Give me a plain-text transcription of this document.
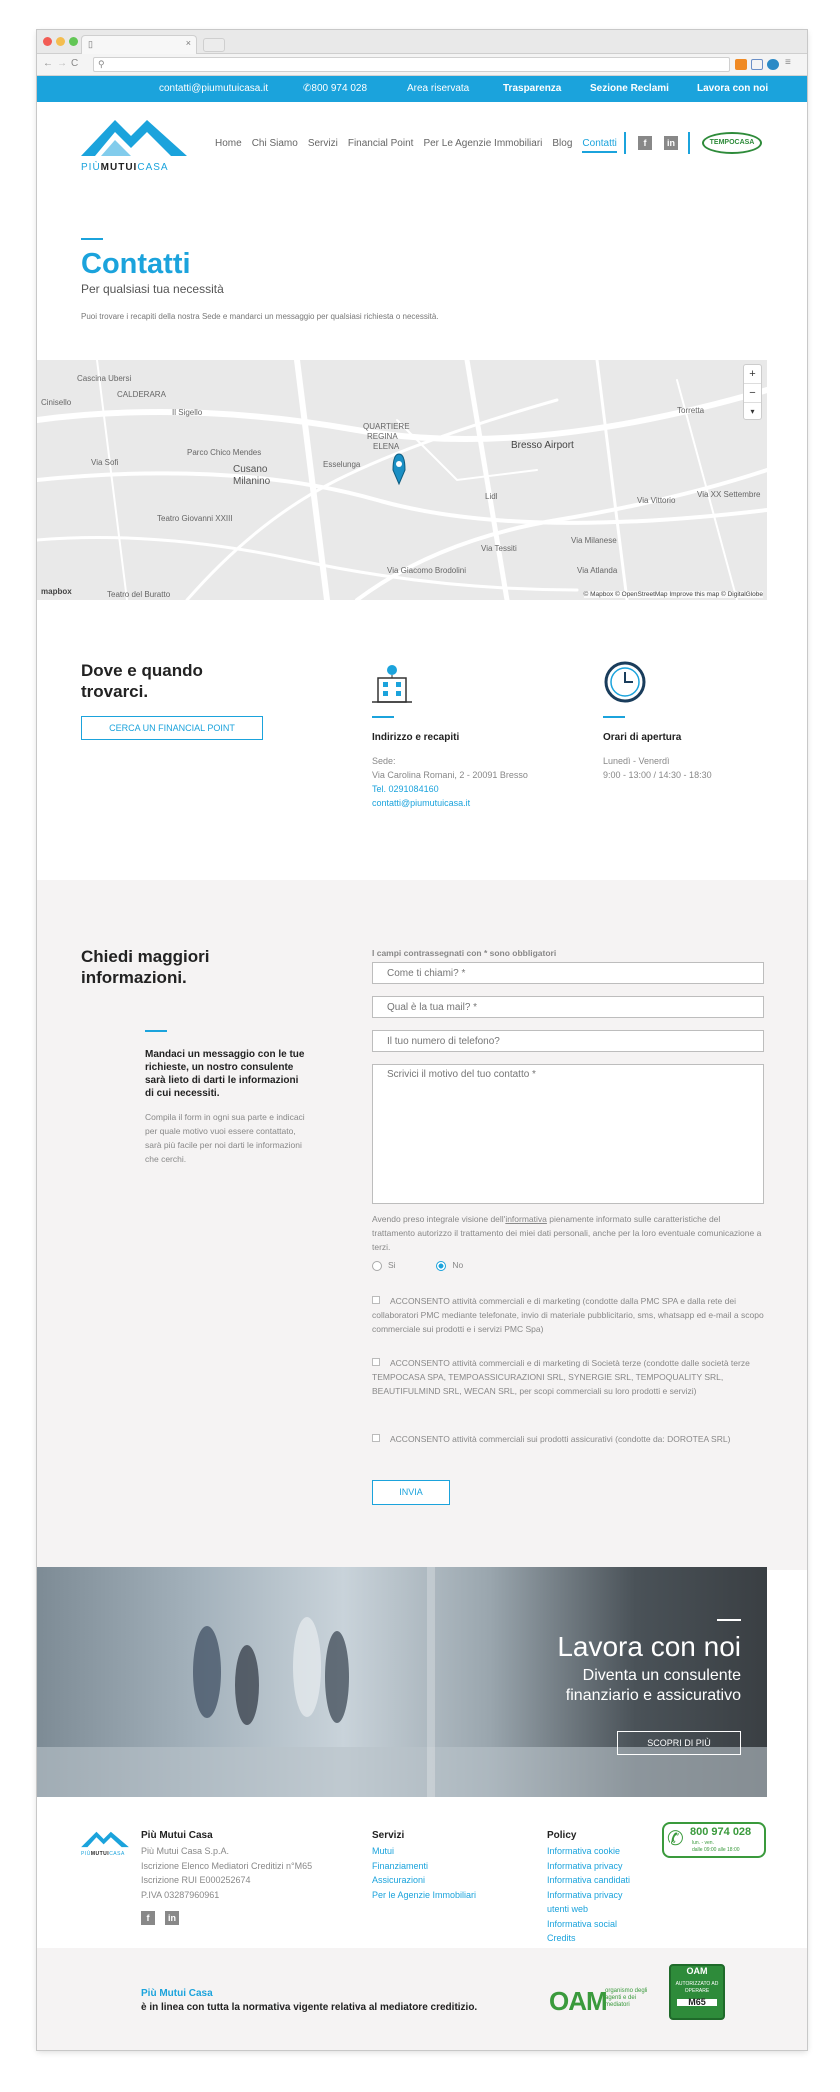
▯	×
← → C	⚲	≡
contatti@piumutuicasa.it	✆800 974 028	Area riservata	Trasparenza	Sezione Reclami	Lavora con noi
PIÙMUTUICASA
Home Chi Siamo Servizi Financial Point Per Le Agenzie Immobiliari Blog Contatti	f	in	TEMPOCASA
Contatti
Per qualsiasi tua necessità
Puoi trovare i recapiti della nostra Sede e mandarci un messaggio per qualsiasi richiesta o necessità.
Cascina Ubersi
Cinisello
CALDERARA
Il Sigello
Parco Chico Mendes
Via Sofi
Cusano
Milanino
Teatro Giovanni XXIII
Teatro del Buratto
Bresso Airport
Torretta
QUARTIERE
REGINA
ELENA
Via Tessiti
Via Giacomo Brodolini
Via Milanese
Via Vittorio
Esselunga
Lidl	Via XX Settembre
Via Atlanda
+
−
▾
mapbox	© Mapbox © OpenStreetMap Improve this map © DigitalGlobe
Dove e quando trovarci.
CERCA UN FINANCIAL POINT
Indirizzo e recapiti
Sede:
Via Carolina Romani, 2 - 20091 Bresso
Tel. 0291084160
contatti@piumutuicasa.it
Orari di apertura
Lunedì - Venerdì
9:00 - 13:00 / 14:30 - 18:30
Chiedi maggiori informazioni.
Mandaci un messaggio con le tue richieste, un nostro consulente sarà lieto di darti le informazioni di cui necessiti.
Compila il form in ogni sua parte e indicaci per quale motivo vuoi essere contattato, sarà più facile per noi darti le informazioni che cerchi.
I campi contrassegnati con * sono obbligatori
Come ti chiami? *
Qual è la tua mail? *
Il tuo numero di telefono?
Scrivici il motivo del tuo contatto *
Avendo preso integrale visione dell'informativa pienamente informato sulle caratteristiche del trattamento autorizzo il trattamento dei miei dati personali, anche per la loro eventuale comunicazione a terzi.
Si	No
ACCONSENTO attività commerciali e di marketing (condotte dalla PMC SPA e dalla rete dei collaboratori PMC mediante telefonate, invio di materiale pubblicitario, sms, whatsapp ed e-mail a scopo commerciale sui prodotti e i servizi PMC Spa)
ACCONSENTO attività commerciali e di marketing di Società terze (condotte dalle società terze TEMPOCASA SPA, TEMPOASSICURAZIONI SRL, SYNERGIE SRL, TEMPOQUALITY SRL, BEAUTIFULMIND SRL, WECAN SRL, per scopi commerciali su loro prodotti e servizi)
ACCONSENTO attività commerciali sui prodotti assicurativi (condotte da: DOROTEA SRL)
INVIA
Lavora con noi
Diventa un consulente
finanziario e assicurativo
SCOPRI DI PIÙ
PIÙMUTUICASA
Più Mutui Casa
Più Mutui Casa S.p.A.
Iscrizione Elenco Mediatori Creditizi n°M65
Iscrizione RUI E000252674
P.IVA 03287960961
f	in
Servizi
Mutui
Finanziamenti
Assicurazioni
Per le Agenzie Immobiliari
Policy
Informativa cookie
Informativa privacy
Informativa candidati
Informativa privacy
utenti web
Informativa social
Credits
✆ 800 974 028
lun. - ven.
dalle 09:00 alle 18:00
Più Mutui Casa
è in linea con tutta la normativa vigente relativa al mediatore creditizio.	OAM
organismo degli agenti e dei mediatori
OAM
AUTORIZZATO AD OPERARE
M65
